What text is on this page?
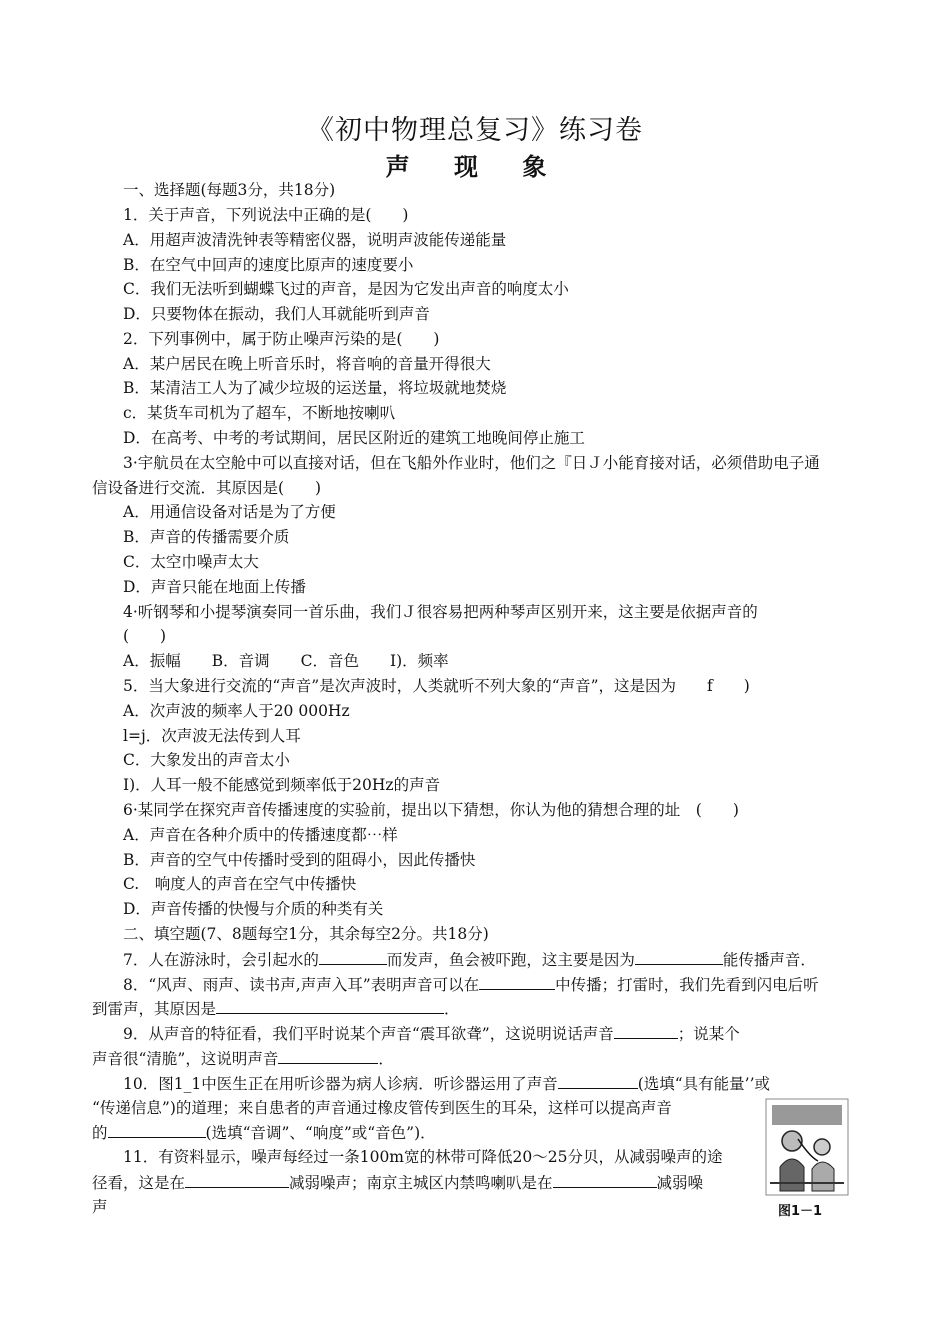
《初中物理总复习》练习卷
声 现 象
一、选择题(每题3分，共18分)
1．关于声音，下列说法中正确的是(　　)
A．用超声波清洗钟表等精密仪器，说明声波能传递能量
B．在空气中回声的速度比原声的速度要小
C．我们无法听到蝴蝶飞过的声音，是因为它发出声音的响度太小
D．只要物体在振动，我们人耳就能听到声音
2．下列事例中，属于防止噪声污染的是(　　)
A．某户居民在晚上听音乐时，将音响的音量开得很大
B．某清洁工人为了减少垃圾的运送量，将垃圾就地焚烧
c．某货车司机为了超车，不断地按喇叭
D．在高考、中考的考试期间，居民区附近的建筑工地晚间停止施工
3·宇航员在太空舱中可以直接对话，但在飞船外作业时，他们之『日Ｊ小能育接对话，必须借助电子通
信设备进行交流．其原因是(　　)
A．用通信设备对话是为了方便
B．声音的传播需要介质
C．太空巾噪声太大
D．声音只能在地面上传播
4·听钢琴和小提琴演奏同一首乐曲，我们Ｊ很容易把两种琴声区别开来，这主要是依据声音的
(　　)
A．振幅　　B．音调　　C．音色　　I)．频率
5．当大象进行交流的“声音”是次声波时，人类就听不列大象的“声音”，这是因为　　f　　)
A．次声波的频率人于20 000Hz
l=j．次声波无法传到人耳
C．大象发出的声音太小
I)．人耳一般不能感觉到频率低于20Hz的声音
6·某同学在探究声音传播速度的实验前，提出以下猜想，你认为他的猜想合理的址　(　　)
A．声音在各种介质中的传播速度都⋯样
B．声音的空气中传播时受到的阻碍小，因此传播快
C.　响度人的声音在空气中传播快
D．声音传播的快慢与介质的种类有关
二、填空题(7、8题每空1分，其余每空2分。共18分)
7．人在游泳时，会引起水的	而发声，鱼会被吓跑，这主要是因为	能传播声音．
8．“风声、雨声、读书声,声声入耳”表明声音可以在	中传播；打雷时，我们先看到闪电后听
到雷声，其原因是	．
9．从声音的特征看，我们平时说某个声音“震耳欲聋”，这说明说话声音	；说某个
声音很“清脆”，这说明声音	．
10．图1_1中医生正在用听诊器为病人诊病．听诊器运用了声音	(选填“具有能量’’或
“传递信息”)的道理；来自患者的声音通过橡皮管传到医生的耳朵，这样可以提高声音
的	(选填“音调”、“响度”或“音色”)．
11．有资料显示，噪声每经过一条100m宽的林带可降低20～25分贝，从减弱噪声的途
径看，这是在	减弱噪声；南京主城区内禁鸣喇叭是在	减弱噪
声	图1－1
